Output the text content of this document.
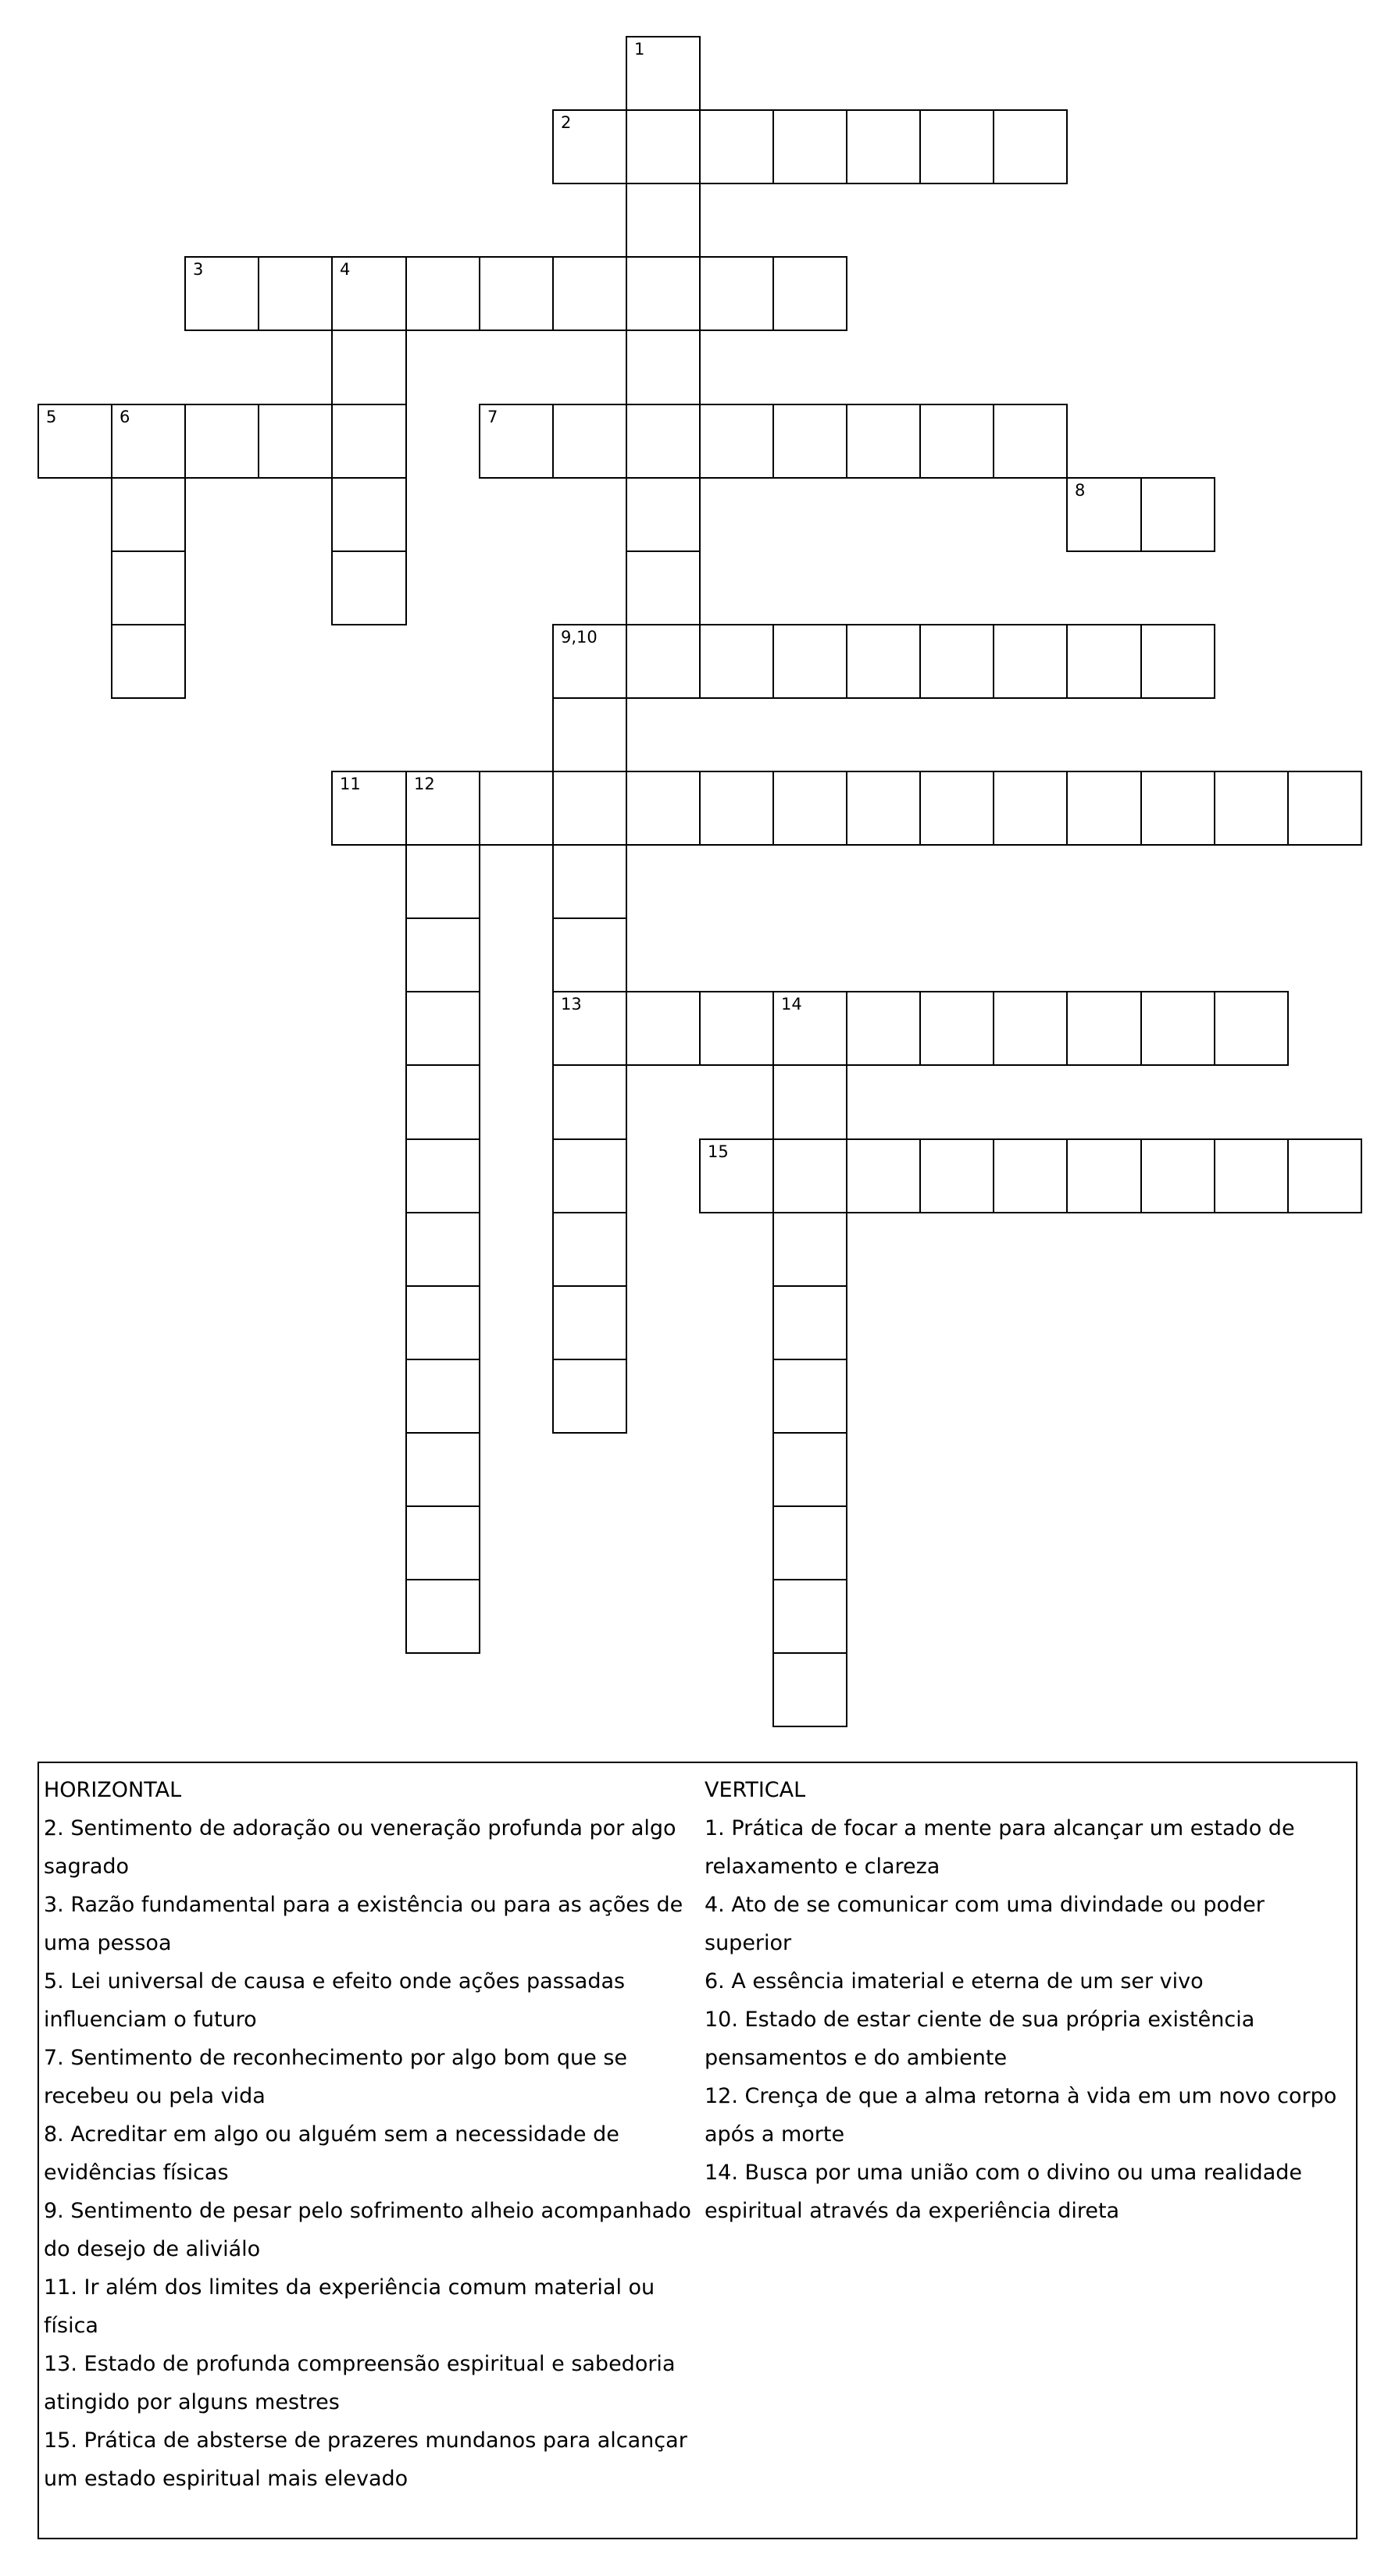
1
2
3	4
5	6	7
8
9,10
13
11	12
14
15

HORIZONTAL

2. Sentimento de adoração ou veneração profunda por algo sagrado

3. Razão fundamental para a existência ou para as ações de uma pessoa

5. Lei universal de causa e efeito onde ações passadas influenciam o futuro

7. Sentimento de reconhecimento por algo bom que se recebeu ou pela vida

8. Acreditar em algo ou alguém sem a necessidade de evidências físicas

9. Sentimento de pesar pelo sofrimento alheio acompanhado do desejo de aliviálo

11. Ir além dos limites da experiência comum material ou física

13. Estado de profunda compreensão espiritual e sabedoria atingido por alguns mestres

15. Prática de absterse de prazeres mundanos para alcançar um estado espiritual mais elevado

VERTICAL

1. Prática de focar a mente para alcançar um estado de relaxamento e clareza

4. Ato de se comunicar com uma divindade ou poder superior

6. A essência imaterial e eterna de um ser vivo

10. Estado de estar ciente de sua própria existência pensamentos e do ambiente

12. Crença de que a alma retorna à vida em um novo corpo após a morte

14. Busca por uma união com o divino ou uma realidade espiritual através da experiência direta
